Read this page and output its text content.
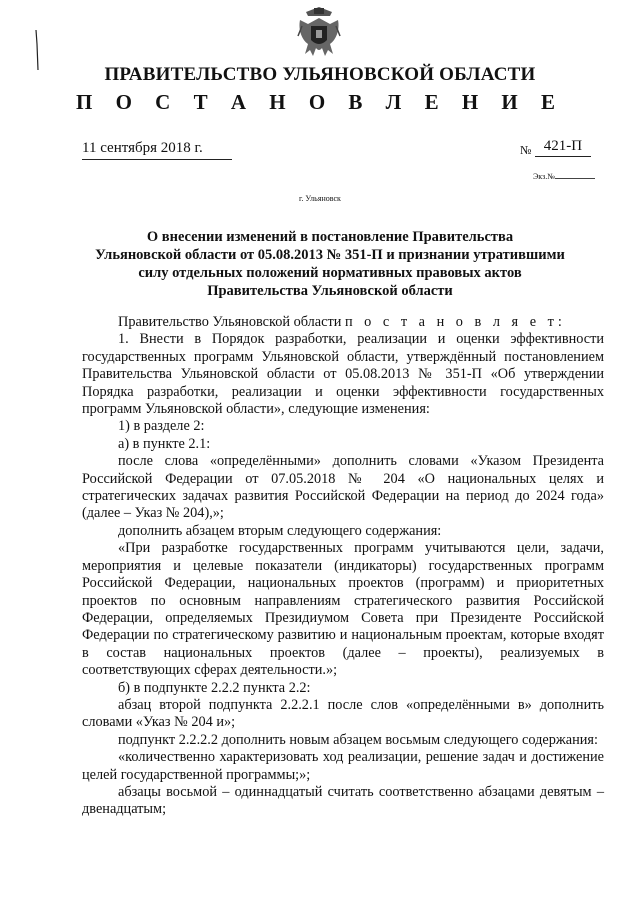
ПРАВИТЕЛЬСТВО УЛЬЯНОВСКОЙ ОБЛАСТИ
П О С Т А Н О В Л Е Н И Е
11 сентября 2018 г.	№ 421-П
Экз.№
г. Ульяновск
О внесении изменений в постановление Правительства
Ульяновской области от 05.08.2013 № 351-П и признании утратившими
силу отдельных положений нормативных правовых актов
Правительства Ульяновской области

Правительство Ульяновской области п о с т а н о в л я е т:

1. Внести в Порядок разработки, реализации и оценки эффективности государственных программ Ульяновской области, утверждённый постановлением Правительства Ульяновской области от 05.08.2013 № 351-П «Об утверждении Порядка разработки, реализации и оценки эффективности государственных программ Ульяновской области», следующие изменения:

1) в разделе 2:

а) в пункте 2.1:

после слова «определёнными» дополнить словами «Указом Президента Российской Федерации от 07.05.2018 № 204 «О национальных целях и стратегических задачах развития Российской Федерации на период до 2024 года» (далее – Указ № 204),»;

дополнить абзацем вторым следующего содержания:

«При разработке государственных программ учитываются цели, задачи, мероприятия и целевые показатели (индикаторы) государственных программ Российской Федерации, национальных проектов (программ) и приоритетных проектов по основным направлениям стратегического развития Российской Федерации, определяемых Президиумом Совета при Президенте Российской Федерации по стратегическому развитию и национальным проектам, которые входят в состав национальных проектов (далее – проекты), реализуемых в соответствующих сферах деятельности.»;

б) в подпункте 2.2.2 пункта 2.2:

абзац второй подпункта 2.2.2.1 после слов «определёнными в» дополнить словами «Указ № 204 и»;

подпункт 2.2.2.2 дополнить новым абзацем восьмым следующего содержания:

«количественно характеризовать ход реализации, решение задач и достижение целей государственной программы;»;

абзацы восьмой – одиннадцатый считать соответственно абзацами девятым – двенадцатым;
